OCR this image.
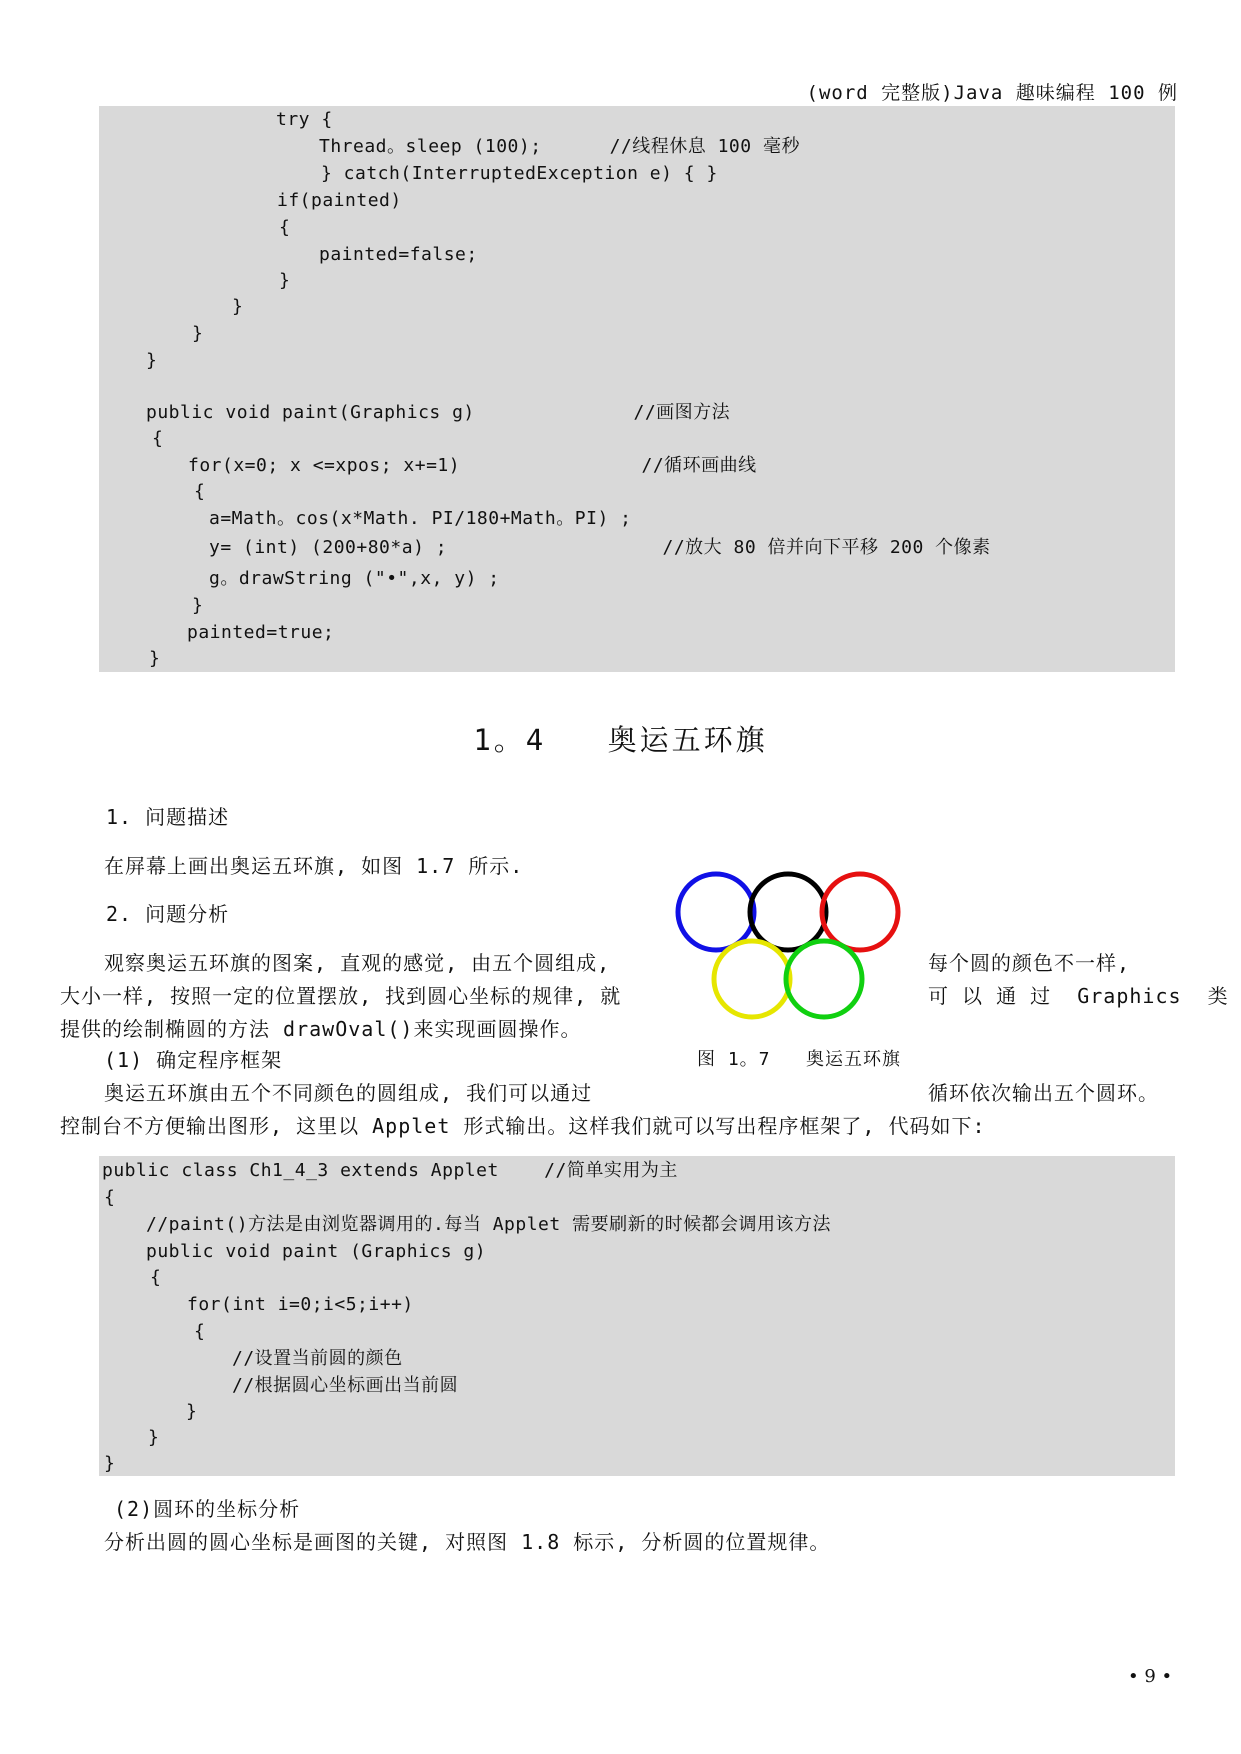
(word 完整版)Java 趣味编程 100 例
try {
Thread。sleep (100);      //线程休息 100 毫秒
} catch(InterruptedException e) { }
if(painted)
{
painted=false;
}
}
}
}
public void paint(Graphics g)              //画图方法
{
for(x=0; x <=xpos; x+=1)                //循环画曲线
{
a=Math。cos(x*Math. PI/180+Math。PI) ;
y= (int) (200+80*a) ;                   //放大 80 倍并向下平移 200 个像素
g。drawString ("•",x, y) ;
}
painted=true;
}
1。4   奥运五环旗
1. 问题描述
在屏幕上画出奥运五环旗, 如图 1.7 所示.
2. 问题分析
观察奥运五环旗的图案, 直观的感觉, 由五个圆组成,	每个圆的颜色不一样,
大小一样, 按照一定的位置摆放, 找到圆心坐标的规律, 就	可 以 通 过  Graphics  类
提供的绘制椭圆的方法 drawOval()来实现画圆操作。
(1) 确定程序框架
奥运五环旗由五个不同颜色的圆组成, 我们可以通过	循环依次输出五个圆环。
控制台不方便输出图形, 这里以 Applet 形式输出。这样我们就可以写出程序框架了, 代码如下:
图 1。7   奥运五环旗
public class Ch1_4_3 extends Applet    //简单实用为主
{
//paint()方法是由浏览器调用的.每当 Applet 需要刷新的时候都会调用该方法
public void paint (Graphics g)
{
for(int i=0;i<5;i++)
{
//设置当前圆的颜色
//根据圆心坐标画出当前圆
}
}
}
(2)圆环的坐标分析
分析出圆的圆心坐标是画图的关键, 对照图 1.8 标示, 分析圆的位置规律。
• 9 •
